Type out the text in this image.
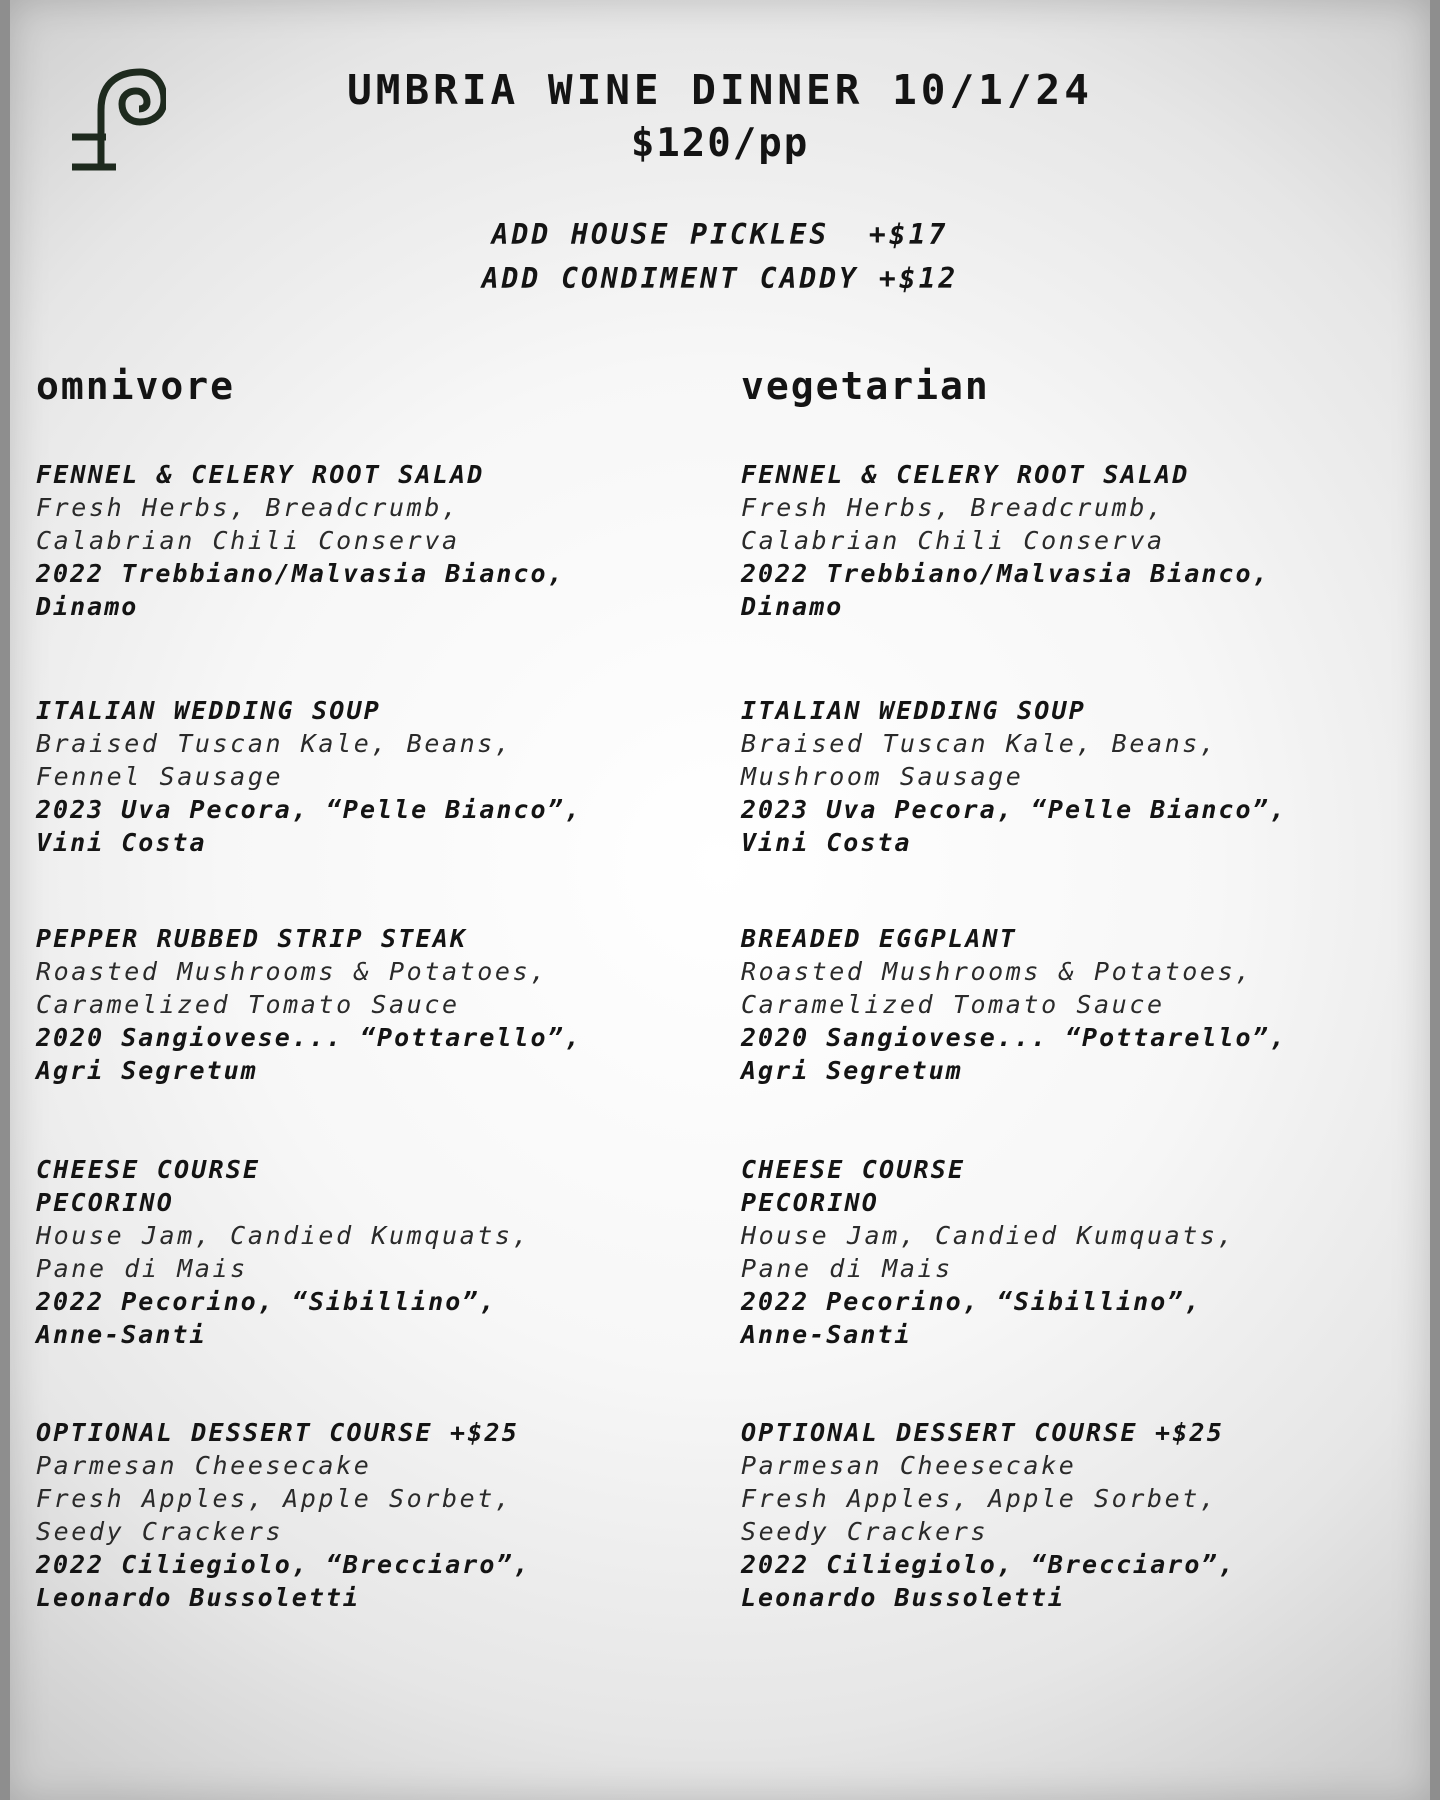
UMBRIA WINE DINNER 10/1/24
$120/pp
ADD HOUSE PICKLES  +$17
ADD CONDIMENT CADDY +$12
omnivore
FENNEL & CELERY ROOT SALAD
Fresh Herbs, Breadcrumb,
Calabrian Chili Conserva
2022 Trebbiano/Malvasia Bianco,
Dinamo
ITALIAN WEDDING SOUP
Braised Tuscan Kale, Beans,
Fennel Sausage
2023 Uva Pecora, “Pelle Bianco”,
Vini Costa
PEPPER RUBBED STRIP STEAK
Roasted Mushrooms & Potatoes,
Caramelized Tomato Sauce
2020 Sangiovese... “Pottarello”,
Agri Segretum
CHEESE COURSE
PECORINO
House Jam, Candied Kumquats,
Pane di Mais
2022 Pecorino, “Sibillino”,
Anne-Santi
OPTIONAL DESSERT COURSE +$25
Parmesan Cheesecake
Fresh Apples, Apple Sorbet,
Seedy Crackers
2022 Ciliegiolo, “Brecciaro”,
Leonardo Bussoletti
vegetarian
FENNEL & CELERY ROOT SALAD
Fresh Herbs, Breadcrumb,
Calabrian Chili Conserva
2022 Trebbiano/Malvasia Bianco,
Dinamo
ITALIAN WEDDING SOUP
Braised Tuscan Kale, Beans,
Mushroom Sausage
2023 Uva Pecora, “Pelle Bianco”,
Vini Costa
BREADED EGGPLANT
Roasted Mushrooms & Potatoes,
Caramelized Tomato Sauce
2020 Sangiovese... “Pottarello”,
Agri Segretum
CHEESE COURSE
PECORINO
House Jam, Candied Kumquats,
Pane di Mais
2022 Pecorino, “Sibillino”,
Anne-Santi
OPTIONAL DESSERT COURSE +$25
Parmesan Cheesecake
Fresh Apples, Apple Sorbet,
Seedy Crackers
2022 Ciliegiolo, “Brecciaro”,
Leonardo Bussoletti
